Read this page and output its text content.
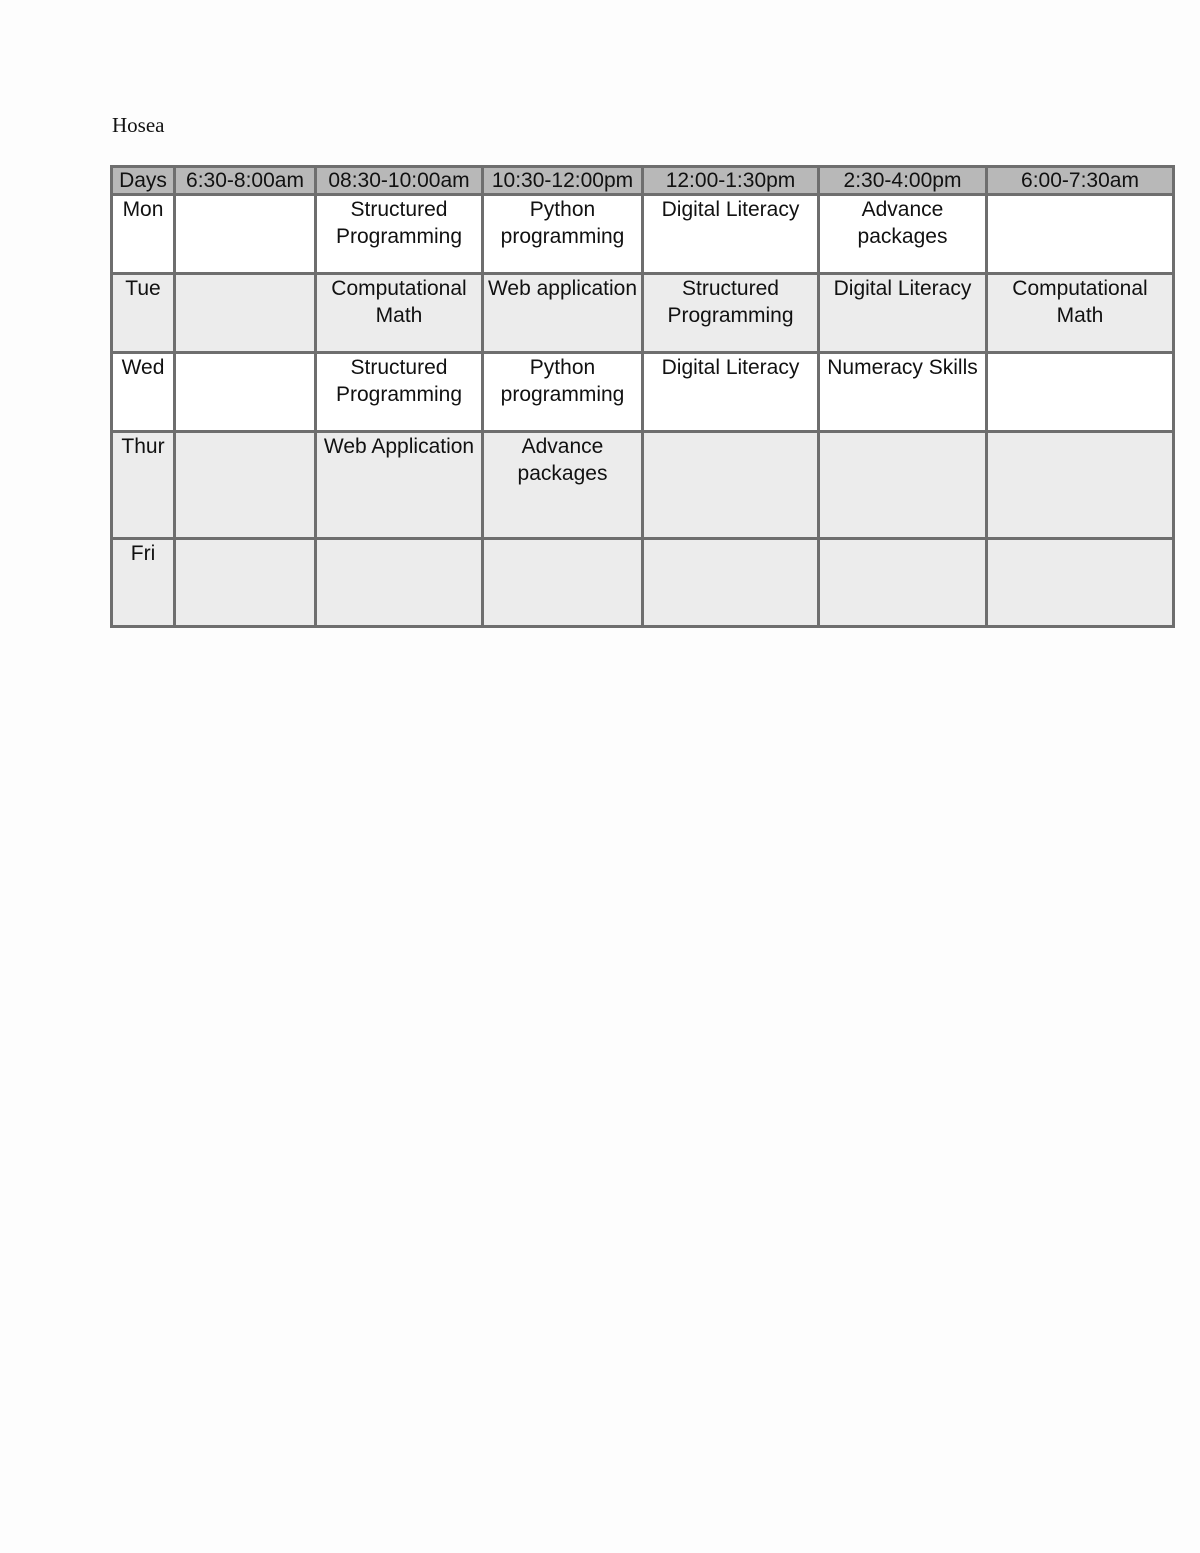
Hosea

Days	6:30-8:00am	08:30-10:00am	10:30-12:00pm	12:00-1:30pm	2:30-4:00pm	6:00-7:30am
Mon		Structured Programming	Python programming	Digital Literacy	Advance packages	
Tue		Computational Math	Web application	Structured Programming	Digital Literacy	Computational Math
Wed		Structured Programming	Python programming	Digital Literacy	Numeracy Skills	
Thur		Web Application	Advance packages			
Fri						
